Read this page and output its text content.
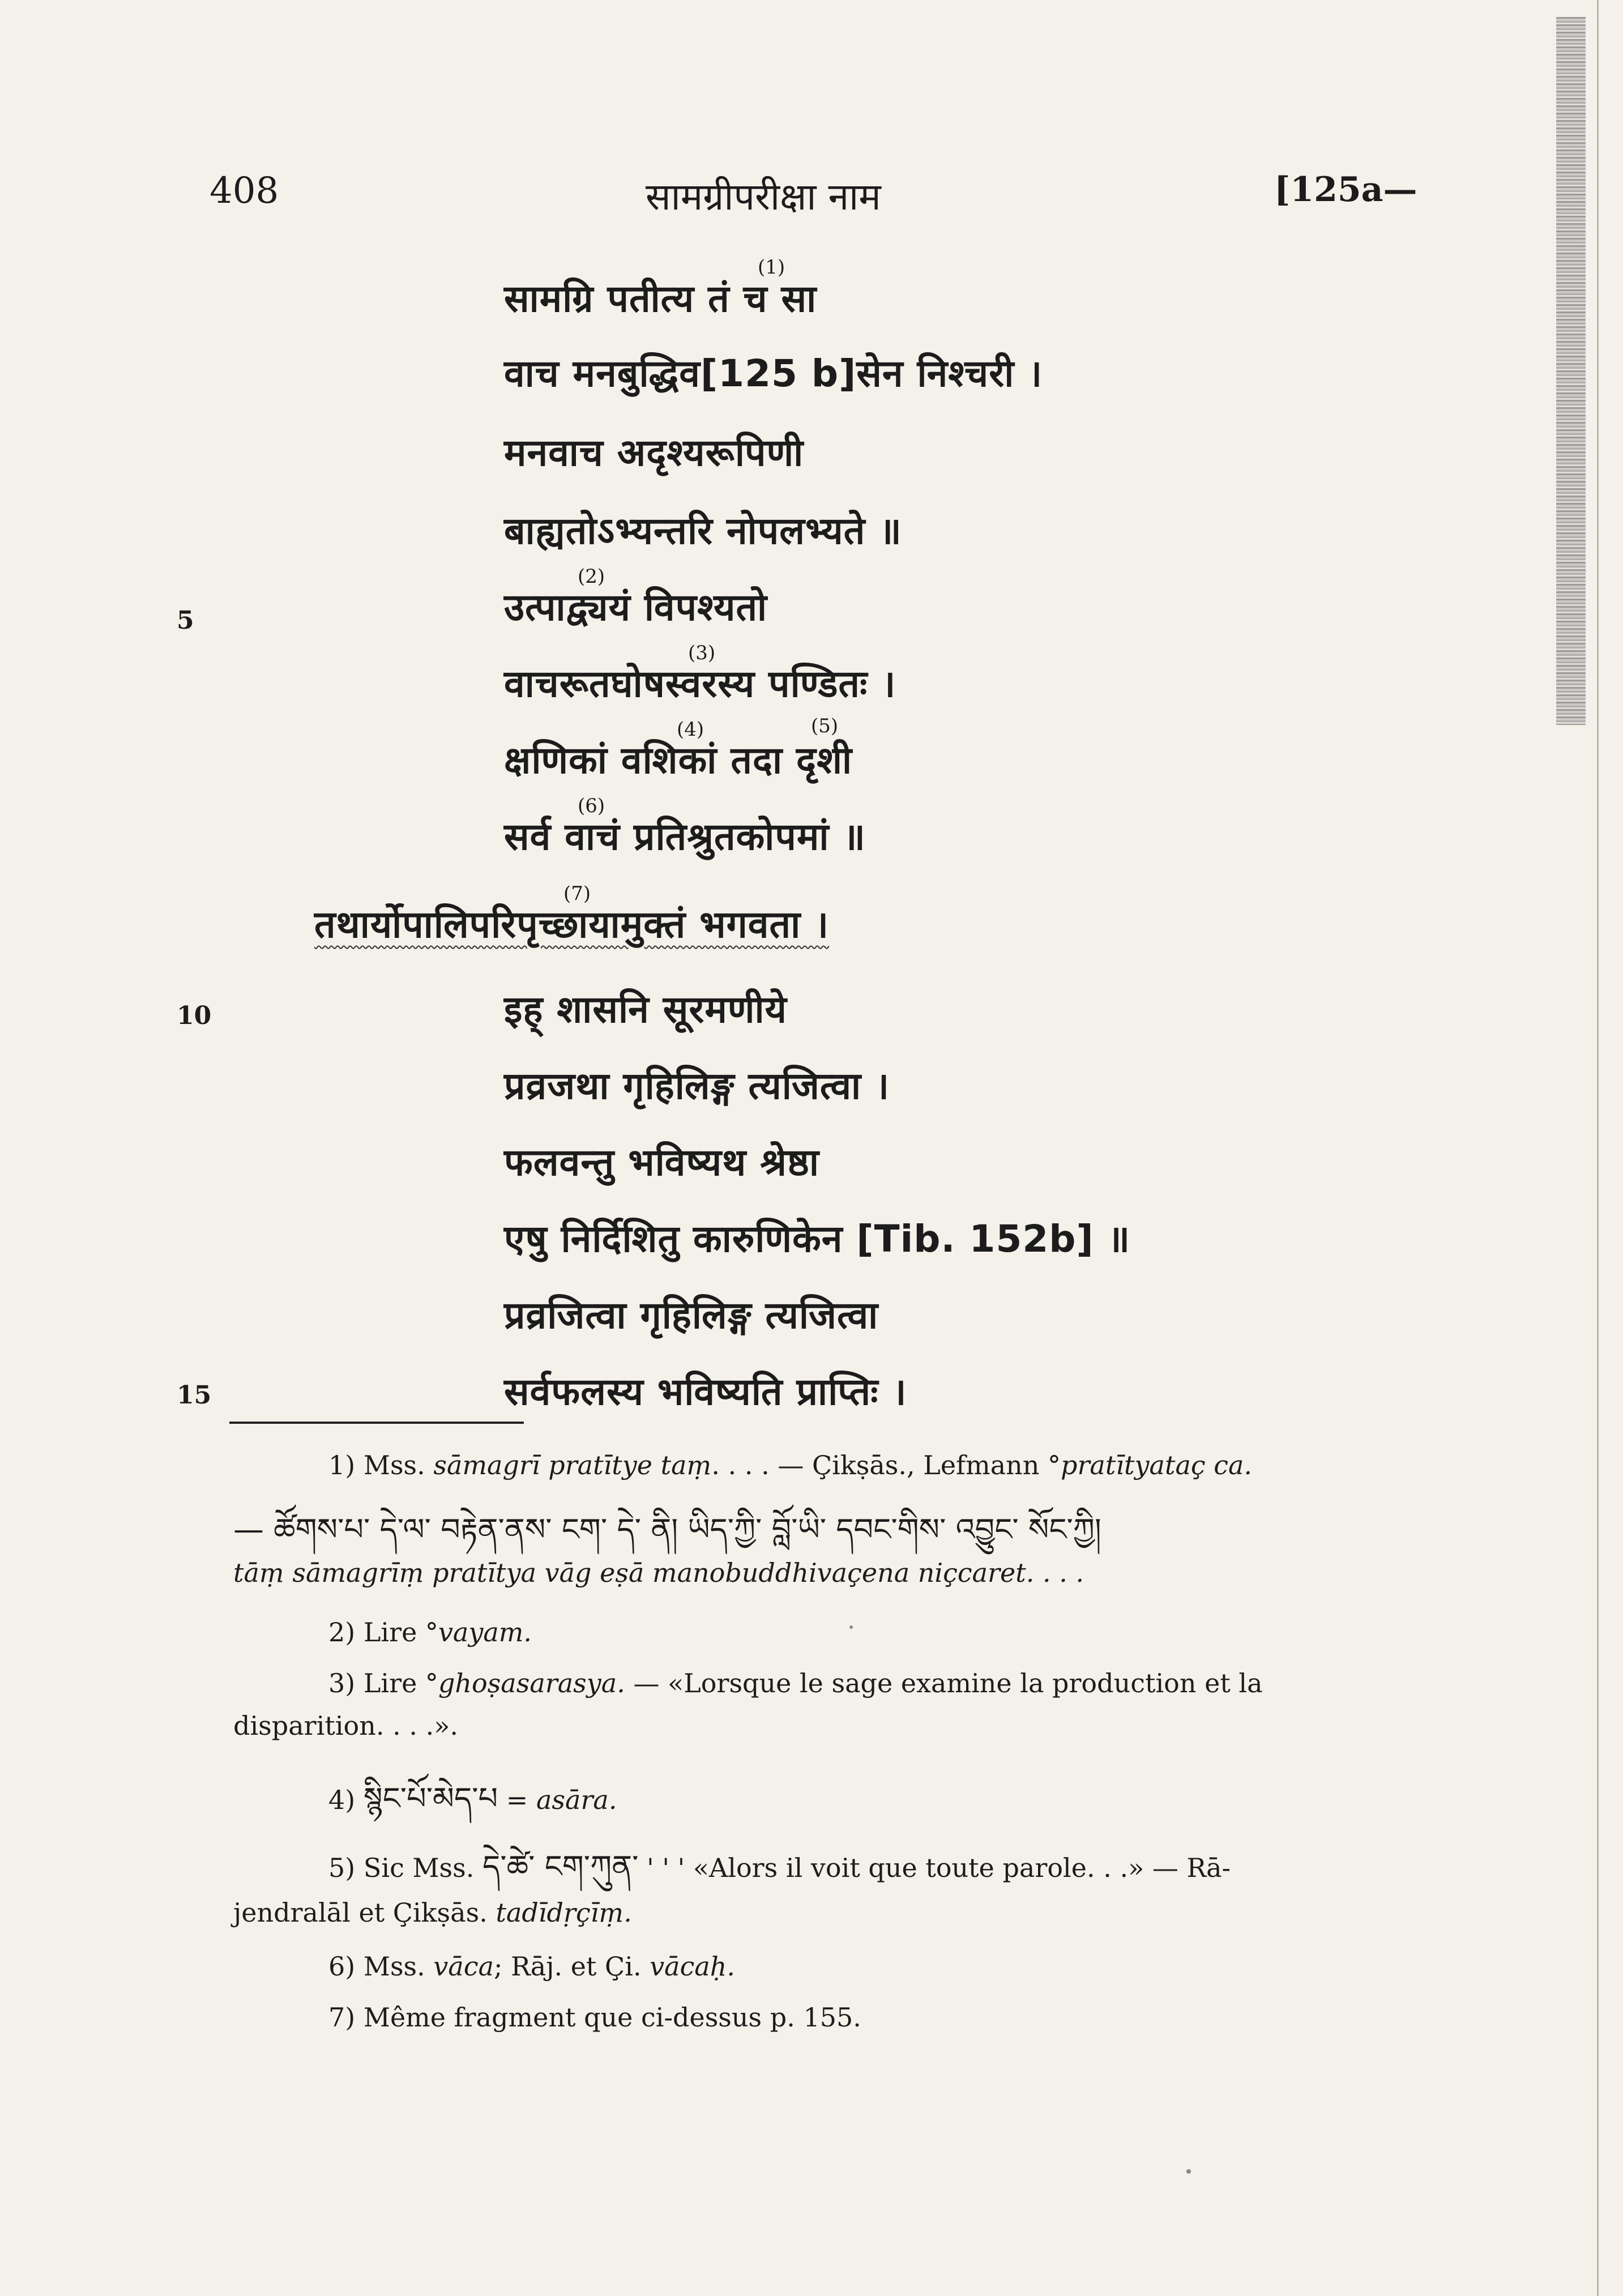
408	सामग्रीपरीक्षा नाम	[125a—
5
10
15
सामग्रि पतीत्य तं च सा
वाच मनबुद्धिव[125 b]सेन निश्चरी ।
मनवाच अदृश्यरूपिणी
बाह्यतोऽभ्यन्तरि नोपलभ्यते ॥
उत्पाद्व्ययं विपश्यतो
वाचरूतघोषस्वरस्य पण्डितः ।
क्षणिकां वशिकां तदा दृशी
सर्व वाचं प्रतिश्रुतकोपमां ॥
तथार्योपालिपरिपृच्छायामुक्तं भगवता ।
इह् शासनि सूरमणीये
प्रव्रजथा गृहिलिङ्ग त्यजित्वा ।
फलवन्तु भविष्यथ श्रेष्ठा
एषु निर्दिशितु कारुणिकेन [Tib. 152b] ॥
प्रव्रजित्वा गृहिलिङ्ग त्यजित्वा
सर्वफलस्य भविष्यति प्राप्तिः ।
(1)
(2)
(3)
(4)	(5)
(6)
(7)
1) Mss. sāmagrī pratītye taṃ. . . . — Çikṣās., Lefmann °pratītyataç ca.
— ཚོགས་པ་ དེ་ལ་ བརྟེན་ནས་ ངག་ དེ་ ནི། ཡིད་ཀྱི་ བློ་ཡི་ དབང་གིས་ འབྱུང་ སོང་ཀྱི།
tāṃ sāmagrīṃ pratītya vāg eṣā manobuddhivaçena niçcaret. . . .
2) Lire °vayam.
3) Lire °ghoṣasarasya. — «Lorsque le sage examine la production et la
disparition. . . .».
4) སྙིང་པོ་མེད་པ = asāra.
5) Sic Mss. དེ་ཚེ་ ངག་ཀུན་ ' ' ' «Alors il voit que toute parole. . .» — Rā-
jendralāl et Çikṣās. tadīdṛçīṃ.
6) Mss. vāca; Rāj. et Çi. vācaḥ.
7) Même fragment que ci-dessus p. 155.
